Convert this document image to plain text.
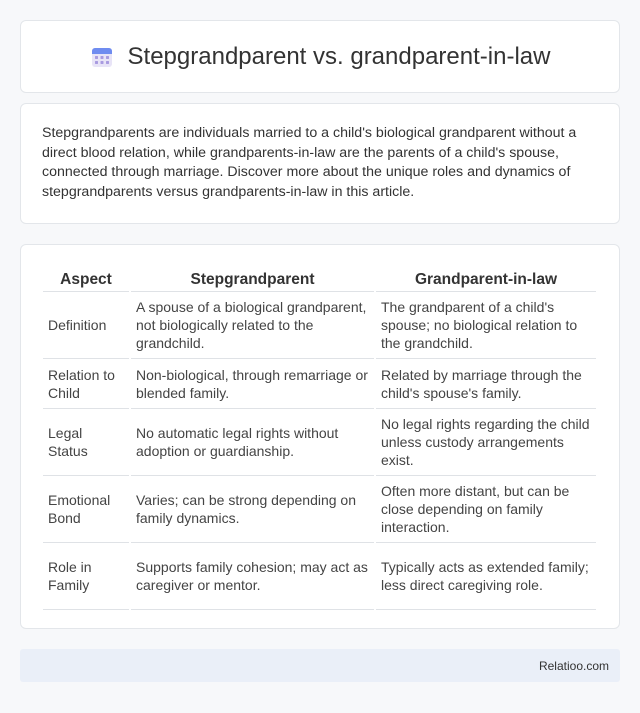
Stepgrandparent vs. grandparent-in-law

Stepgrandparents are individuals married to a child's biological grandparent without a direct blood relation, while grandparents-in-law are the parents of a child's spouse, connected through marriage. Discover more about the unique roles and dynamics of stepgrandparents versus grandparents-in-law in this article.

Aspect	Stepgrandparent	Grandparent-in-law
Definition	A spouse of a biological grandparent, not biologically related to the grandchild.	The grandparent of a child's spouse; no biological relation to the grandchild.
Relation to Child	Non-biological, through remarriage or blended family.	Related by marriage through the child's spouse's family.
Legal Status	No automatic legal rights without adoption or guardianship.	No legal rights regarding the child unless custody arrangements exist.
Emotional Bond	Varies; can be strong depending on family dynamics.	Often more distant, but can be close depending on family interaction.
Role in Family	Supports family cohesion; may act as caregiver or mentor.	Typically acts as extended family; less direct caregiving role.
Relatioo.com
